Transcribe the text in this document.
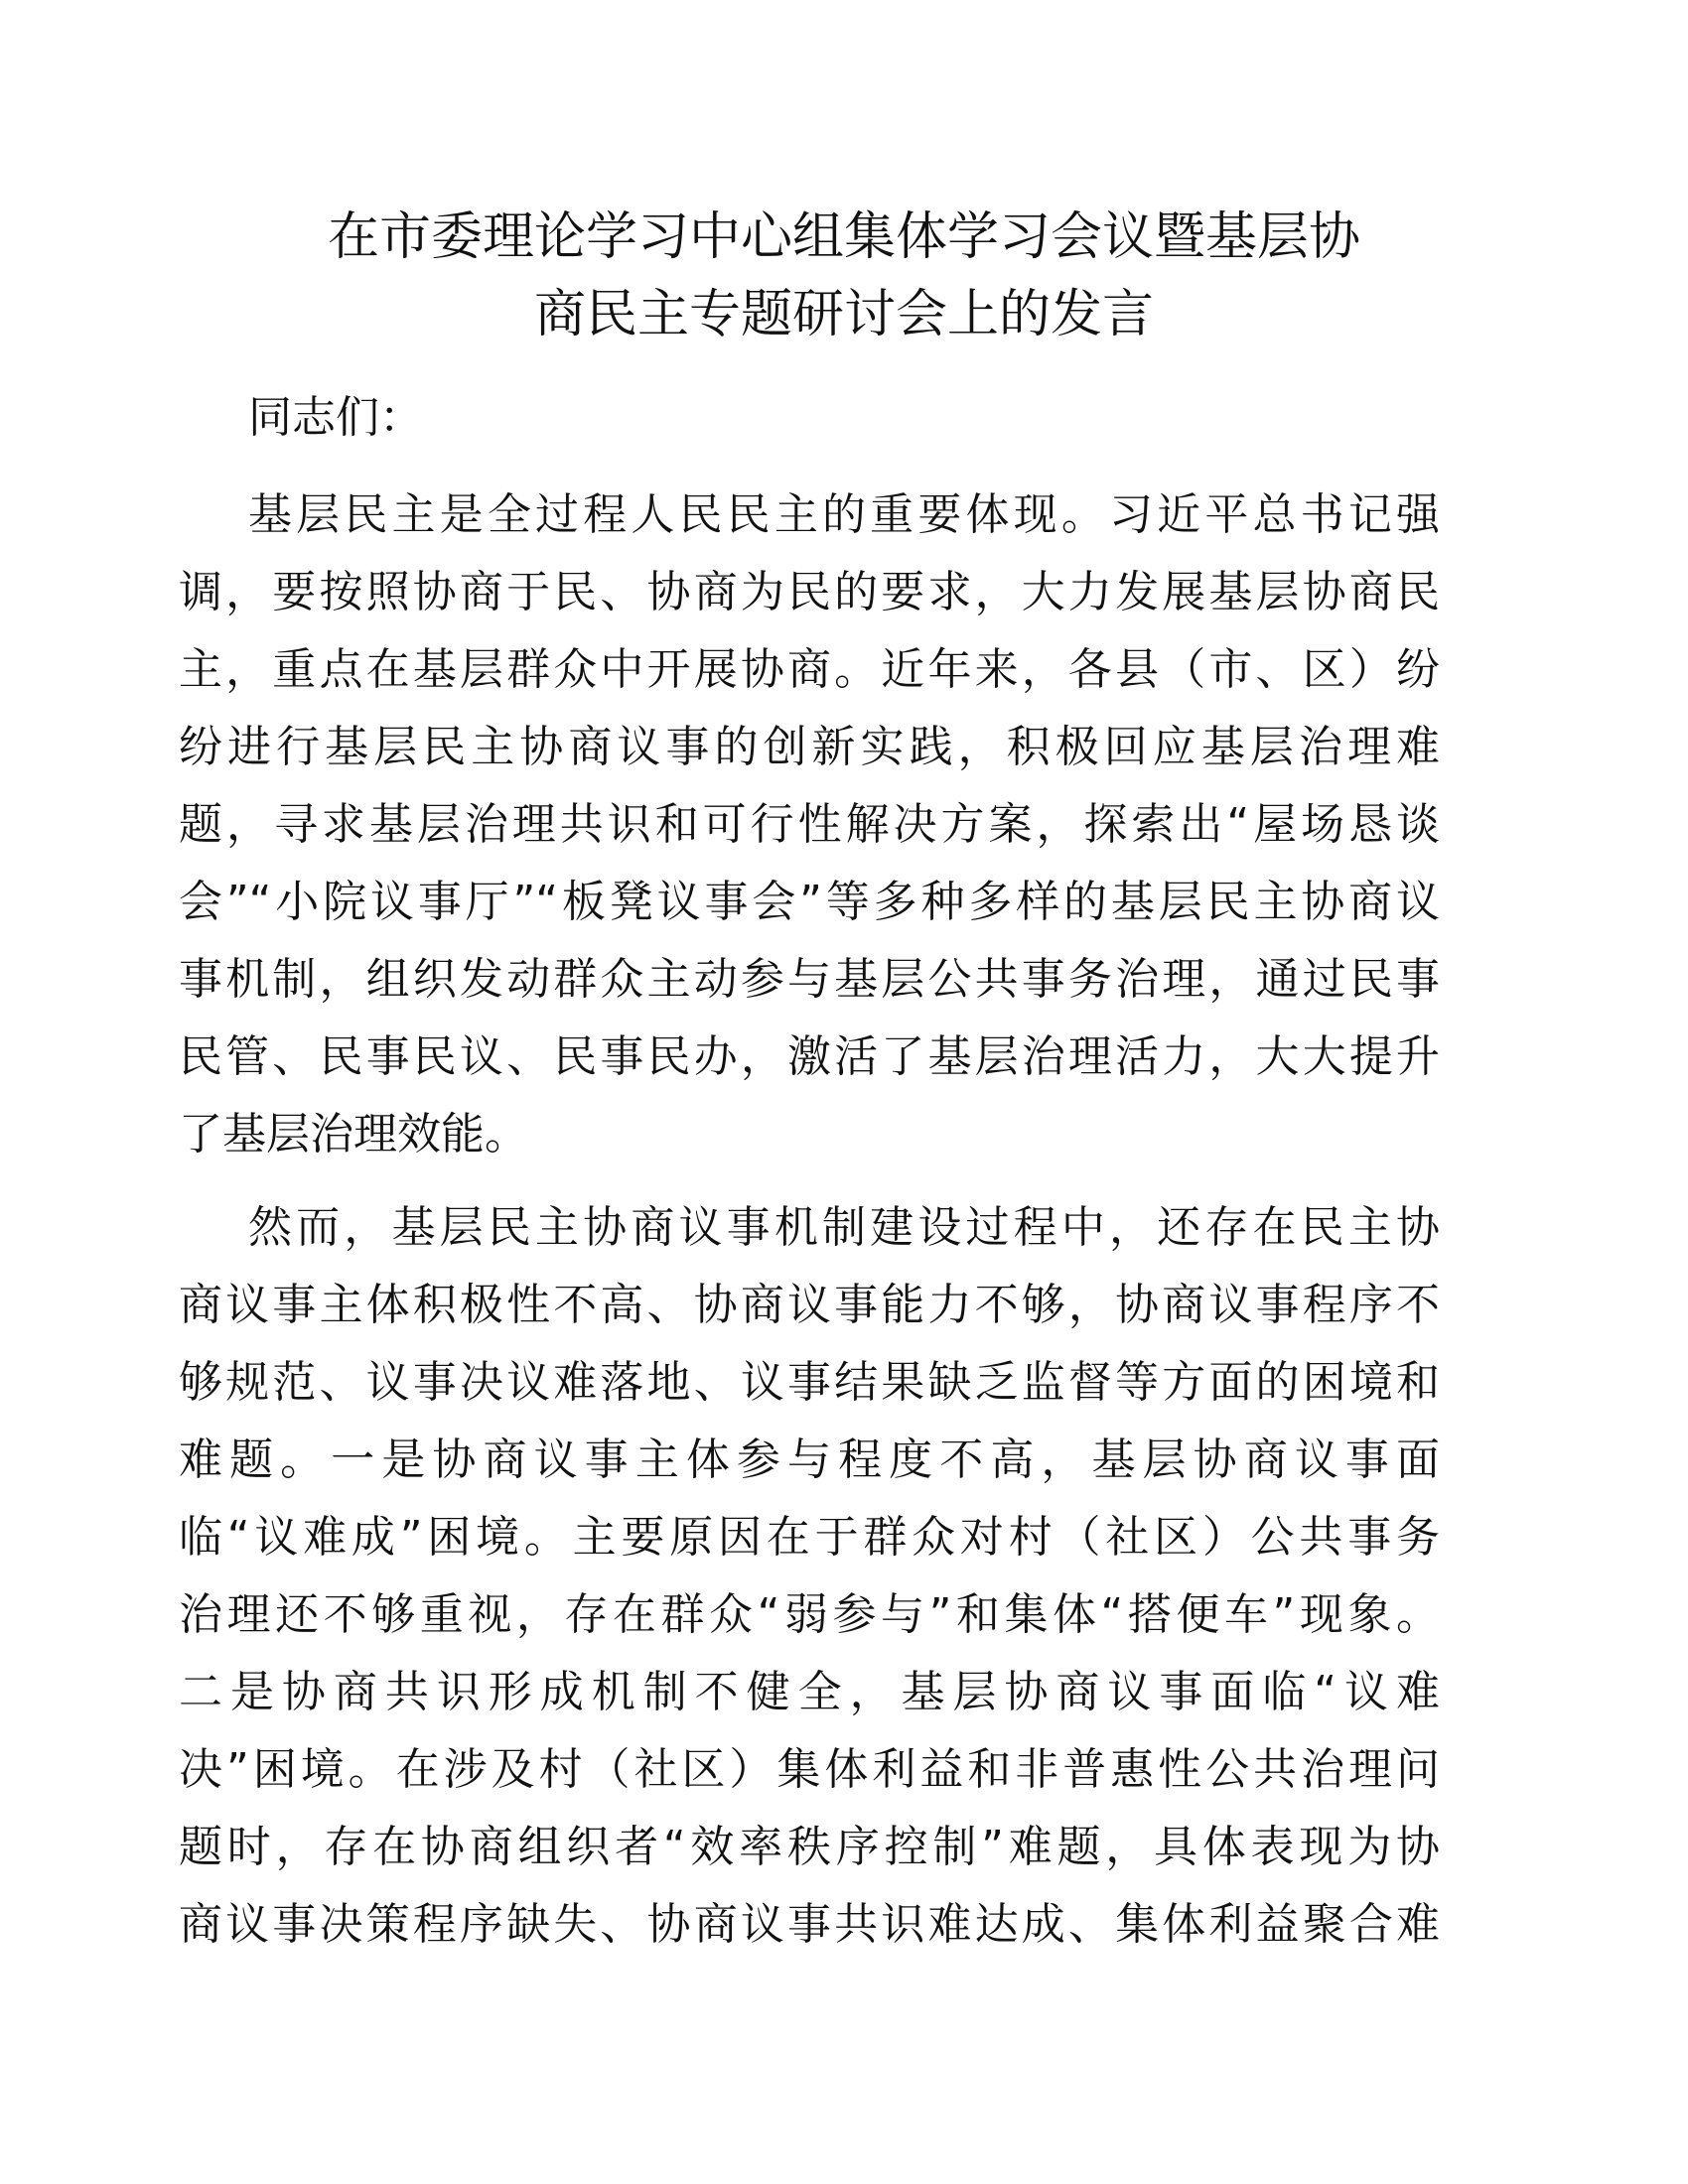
在市委理论学习中心组集体学习会议暨基层协
商民主专题研讨会上的发言
同志们：
基层民主是全过程人民民主的重要体现。习近平总书记强
调，要按照协商于民、协商为民的要求，大力发展基层协商民
主，重点在基层群众中开展协商。近年来，各县（市、区）纷
纷进行基层民主协商议事的创新实践，积极回应基层治理难
题，寻求基层治理共识和可行性解决方案，探索出“屋场恳谈
会”“小院议事厅”“板凳议事会”等多种多样的基层民主协商议
事机制，组织发动群众主动参与基层公共事务治理，通过民事
民管、民事民议、民事民办，激活了基层治理活力，大大提升
了基层治理效能。
然而，基层民主协商议事机制建设过程中，还存在民主协
商议事主体积极性不高、协商议事能力不够，协商议事程序不
够规范、议事决议难落地、议事结果缺乏监督等方面的困境和
难题。一是协商议事主体参与程度不高，基层协商议事面
临“议难成”困境。主要原因在于群众对村（社区）公共事务
治理还不够重视，存在群众“弱参与”和集体“搭便车”现象。
二是协商共识形成机制不健全，基层协商议事面临“议难
决”困境。在涉及村（社区）集体利益和非普惠性公共治理问
题时，存在协商组织者“效率秩序控制”难题，具体表现为协
商议事决策程序缺失、协商议事共识难达成、集体利益聚合难
